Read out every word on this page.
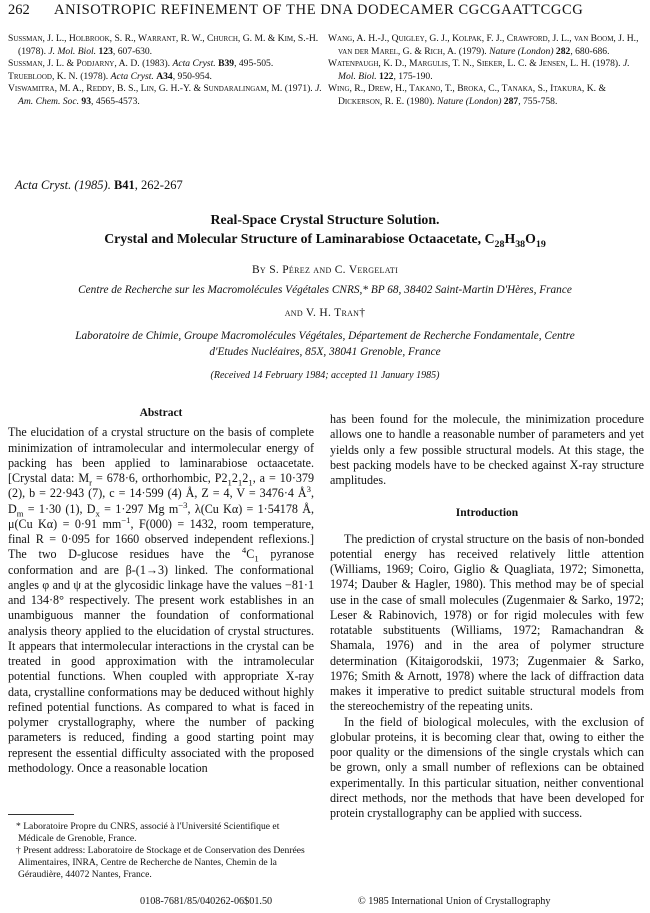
262 ANISOTROPIC REFINEMENT OF THE DNA DODECAMER CGCGAATTCGCG
Sussman, J. L., Holbrook, S. R., Warrant, R. W., Church, G. M. & Kim, S.-H. (1978). J. Mol. Biol. 123, 607-630.
Sussman, J. L. & Podjarny, A. D. (1983). Acta Cryst. B39, 495-505.
Trueblood, K. N. (1978). Acta Cryst. A34, 950-954.
Viswamitra, M. A., Reddy, B. S., Lin, G. H.-Y. & Sundaralingam, M. (1971). J. Am. Chem. Soc. 93, 4565-4573.
Wang, A. H.-J., Quigley, G. J., Kolpak, F. J., Crawford, J. L., van Boom, J. H., van der Marel, G. & Rich, A. (1979). Nature (London) 282, 680-686.
Watenpaugh, K. D., Margulis, T. N., Sieker, L. C. & Jensen, L. H. (1978). J. Mol. Biol. 122, 175-190.
Wing, R., Drew, H., Takano, T., Broka, C., Tanaka, S., Itakura, K. & Dickerson, R. E. (1980). Nature (London) 287, 755-758.
Acta Cryst. (1985). B41, 262-267
Real-Space Crystal Structure Solution.
Crystal and Molecular Structure of Laminarabiose Octaacetate, $C_{28}H_{38}O_{19}$
By S. Pérez and C. Vergelati
Centre de Recherche sur les Macromolécules Végétales CNRS,* BP 68, 38402 Saint-Martin D'Hères, France
and V. H. Tran†
Laboratoire de Chimie, Groupe Macromolécules Végétales, Département de Recherche Fondamentale, Centre
d'Etudes Nucléaires, 85X, 38041 Grenoble, France
(Received 14 February 1984; accepted 11 January 1985)

Abstract

The elucidation of a crystal structure on the basis of complete minimization of intramolecular and intermolecular energy of packing has been applied to laminarabiose octaacetate. [Crystal data: $M_r = 678\cdot 6$, orthorhombic, $P2_12_12_1$, a = 10·379 (2), b = 22·943 (7), c = 14·599 (4) Å, Z = 4, V = 3476·4 $Å^3$, $D_m = 1\cdot 30$ (1), $D_x = 1\cdot 297$ Mg $m^{-3}$, λ(Cu Kα) = 1·54178 Å, μ(Cu Kα) = 0·91 $mm^{-1}$, F(000) = 1432, room temperature, final R = 0·095 for 1660 observed independent reflexions.] The two D-glucose residues have the $^4C_1$ pyranose conformation and are β-(1→3) linked. The conformational angles φ and ψ at the glycosidic linkage have the values −81·1 and 134·8° respectively. The present work establishes in an unambiguous manner the foundation of conformational analysis theory applied to the elucidation of crystal structures. It appears that intermolecular interactions in the crystal can be treated in good approximation with the intramolecular potential functions. When coupled with appropriate X-ray data, crystalline conformations may be deduced without highly refined potential functions. As compared to what is faced in polymer crystallography, where the number of packing parameters is reduced, finding a good starting point may represent the essential difficulty associated with the proposed methodology. Once a reasonable location

has been found for the molecule, the minimization procedure allows one to handle a reasonable number of parameters and yet yields only a few possible structural models. At this stage, the best packing models have to be checked against X-ray structure amplitudes.

Introduction

The prediction of crystal structure on the basis of non-bonded potential energy has received relatively little attention (Williams, 1969; Coiro, Giglio & Quagliata, 1972; Simonetta, 1974; Dauber & Hagler, 1980). This method may be of special use in the case of small molecules (Zugenmaier & Sarko, 1972; Leser & Rabinovich, 1978) or for rigid molecules with few rotatable substituents (Williams, 1972; Ramachandran & Shamala, 1976) and in the area of polymer structure determination (Kitaigorodskii, 1973; Zugenmaier & Sarko, 1976; Smith & Arnott, 1978) where the lack of diffraction data makes it imperative to predict suitable structural models from the stereochemistry of the repeating units.

In the field of biological molecules, with the exclusion of globular proteins, it is becoming clear that, owing to either the poor quality or the dimensions of the single crystals which can be grown, only a small number of reflexions can be obtained experimentally. In this particular situation, neither conventional direct methods, nor the methods that have been developed for protein crystallography can be applied with success.

* Laboratoire Propre du CNRS, associé à l'Université Scientifique et Médicale de Grenoble, France.
† Present address: Laboratoire de Stockage et de Conservation des Denrées Alimentaires, INRA, Centre de Recherche de Nantes, Chemin de la Géraudière, 44072 Nantes, France.
0108-7681/85/040262-06$01.50	© 1985 International Union of Crystallography
